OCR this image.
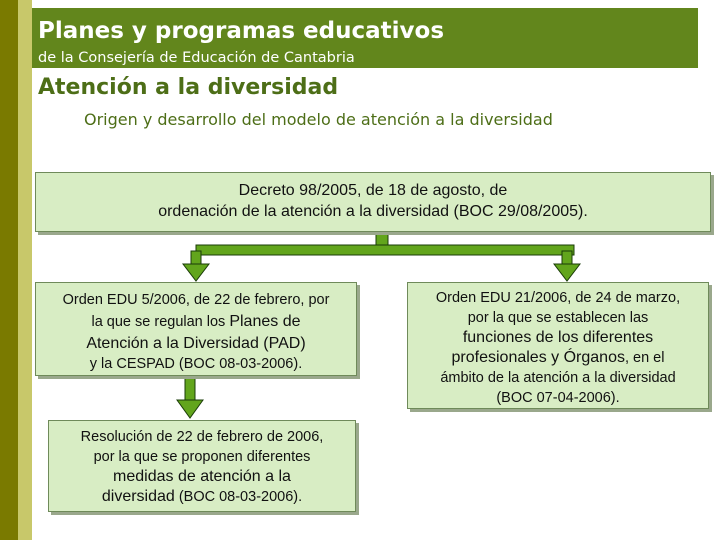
Planes y programas educativos
de la Consejería de Educación de Cantabria
Atención a la diversidad
Origen y desarrollo del modelo de atención a la diversidad
Decreto 98/2005, de 18 de agosto, de
ordenación de la atención a la diversidad (BOC 29/08/2005).
Orden EDU 5/2006, de 22 de febrero, por
la que se regulan los Planes de
Atención a la Diversidad (PAD)
y la CESPAD (BOC 08-03-2006).
Orden EDU 21/2006, de 24 de marzo,
por la que se establecen las
funciones de los diferentes
profesionales y Órganos, en el
ámbito de la atención a la diversidad
(BOC 07-04-2006).
Resolución de 22 de febrero de 2006,
por la que se proponen diferentes
medidas de atención a la
diversidad (BOC 08-03-2006).
